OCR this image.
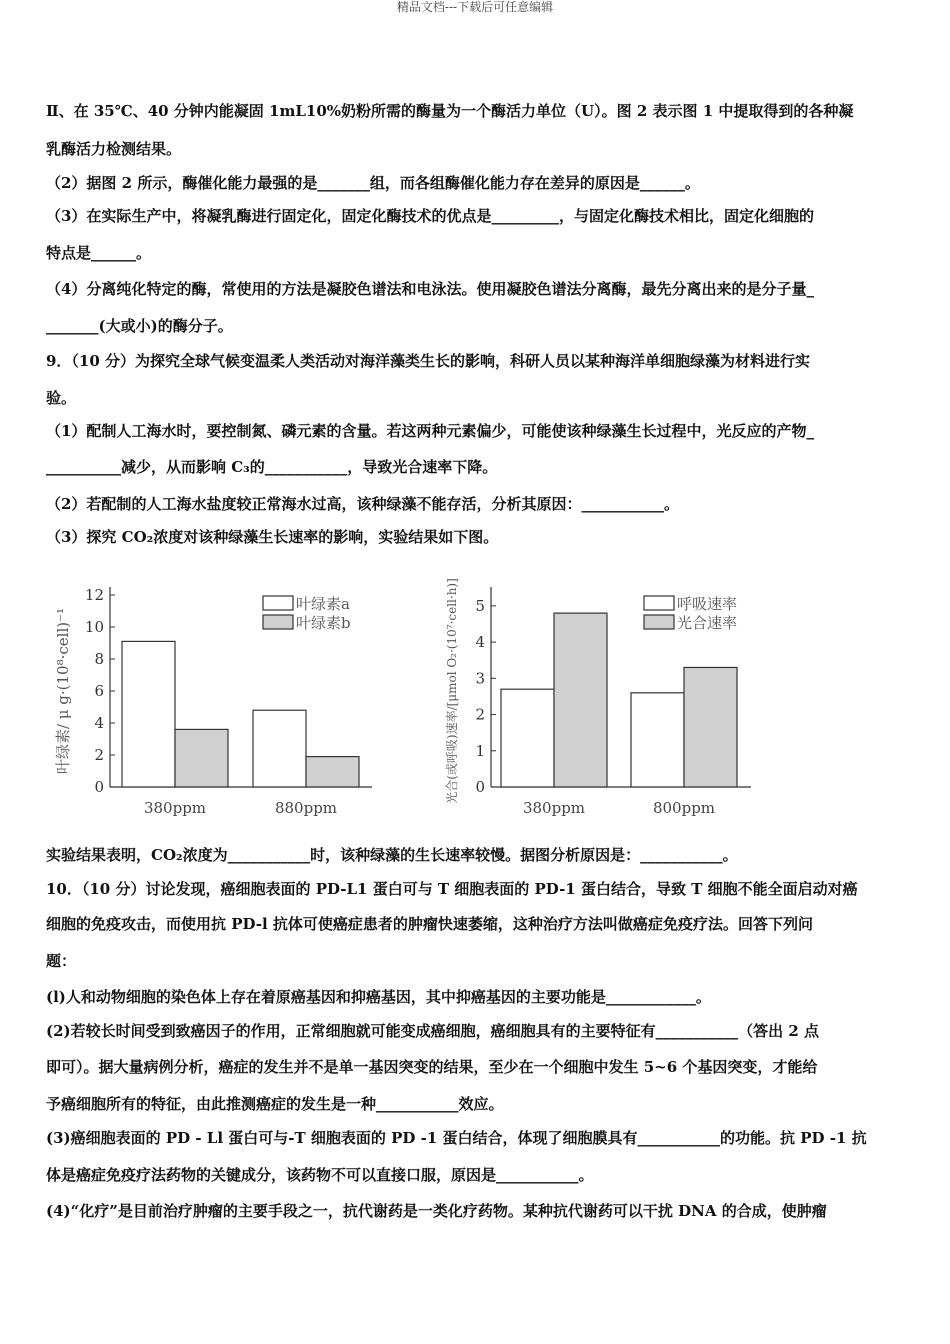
精品文档---下载后可任意编辑
Ⅱ、在 35℃、40 分钟内能凝固 1mL10%奶粉所需的酶量为一个酶活力单位（U）。图 2 表示图 1 中提取得到的各种凝
乳酶活力检测结果。
（2）据图 2 所示，酶催化能力最强的是_______组，而各组酶催化能力存在差异的原因是______。
（3）在实际生产中，将凝乳酶进行固定化，固定化酶技术的优点是_________，与固定化酶技术相比，固定化细胞的
特点是______。
（4）分离纯化特定的酶，常使用的方法是凝胶色谱法和电泳法。使用凝胶色谱法分离酶，最先分离出来的是分子量_
_______(大或小)的酶分子。
9．（10 分）为探究全球气候变温柔人类活动对海洋藻类生长的影响，科研人员以某种海洋单细胞绿藻为材料进行实
验。
（1）配制人工海水时，要控制氮、磷元素的含量。若这两种元素偏少，可能使该种绿藻生长过程中，光反应的产物_
__________减少，从而影响 C₃的___________，导致光合速率下降。
（2）若配制的人工海水盐度较正常海水过高，该种绿藻不能存活，分析其原因：___________。
（3）探究 CO₂浓度对该种绿藻生长速率的影响，实验结果如下图。
实验结果表明，CO₂浓度为___________时，该种绿藻的生长速率较慢。据图分析原因是：___________。
10．（10 分）讨论发现，癌细胞表面的 PD-L1 蛋白可与 T 细胞表面的 PD-1 蛋白结合，导致 T 细胞不能全面启动对癌
细胞的免疫攻击，而使用抗 PD-l 抗体可使癌症患者的肿瘤快速萎缩，这种治疗方法叫做癌症免疫疗法。回答下列问
题：
(l)人和动物细胞的染色体上存在着原癌基因和抑癌基因，其中抑癌基因的主要功能是____________。
(2)若较长时间受到致癌因子的作用，正常细胞就可能变成癌细胞，癌细胞具有的主要特征有___________（答出 2 点
即可）。据大量病例分析，癌症的发生并不是单一基因突变的结果，至少在一个细胞中发生 5~6 个基因突变，才能给
予癌细胞所有的特征，由此推测癌症的发生是一种___________效应。
(3)癌细胞表面的 PD - Ll 蛋白可与-T 细胞表面的 PD -1 蛋白结合，体现了细胞膜具有___________的功能。抗 PD -1 抗
体是癌症免疫疗法药物的关键成分，该药物不可以直接口服，原因是___________。
(4)“化疗”是目前治疗肿瘤的主要手段之一，抗代谢药是一类化疗药物。某种抗代谢药可以干扰 DNA 的合成，使肿瘤
0
2
4
6
8
10
12
380ppm	880ppm
叶绿素a
叶绿素b
叶绿素/ μ g·(10⁸·cell)⁻¹
0
1
2
3
4
5
380ppm	800ppm
呼吸速率
光合速率
光合(或呼吸)速率/[μmol O₂·(10⁷·cell·h)]
